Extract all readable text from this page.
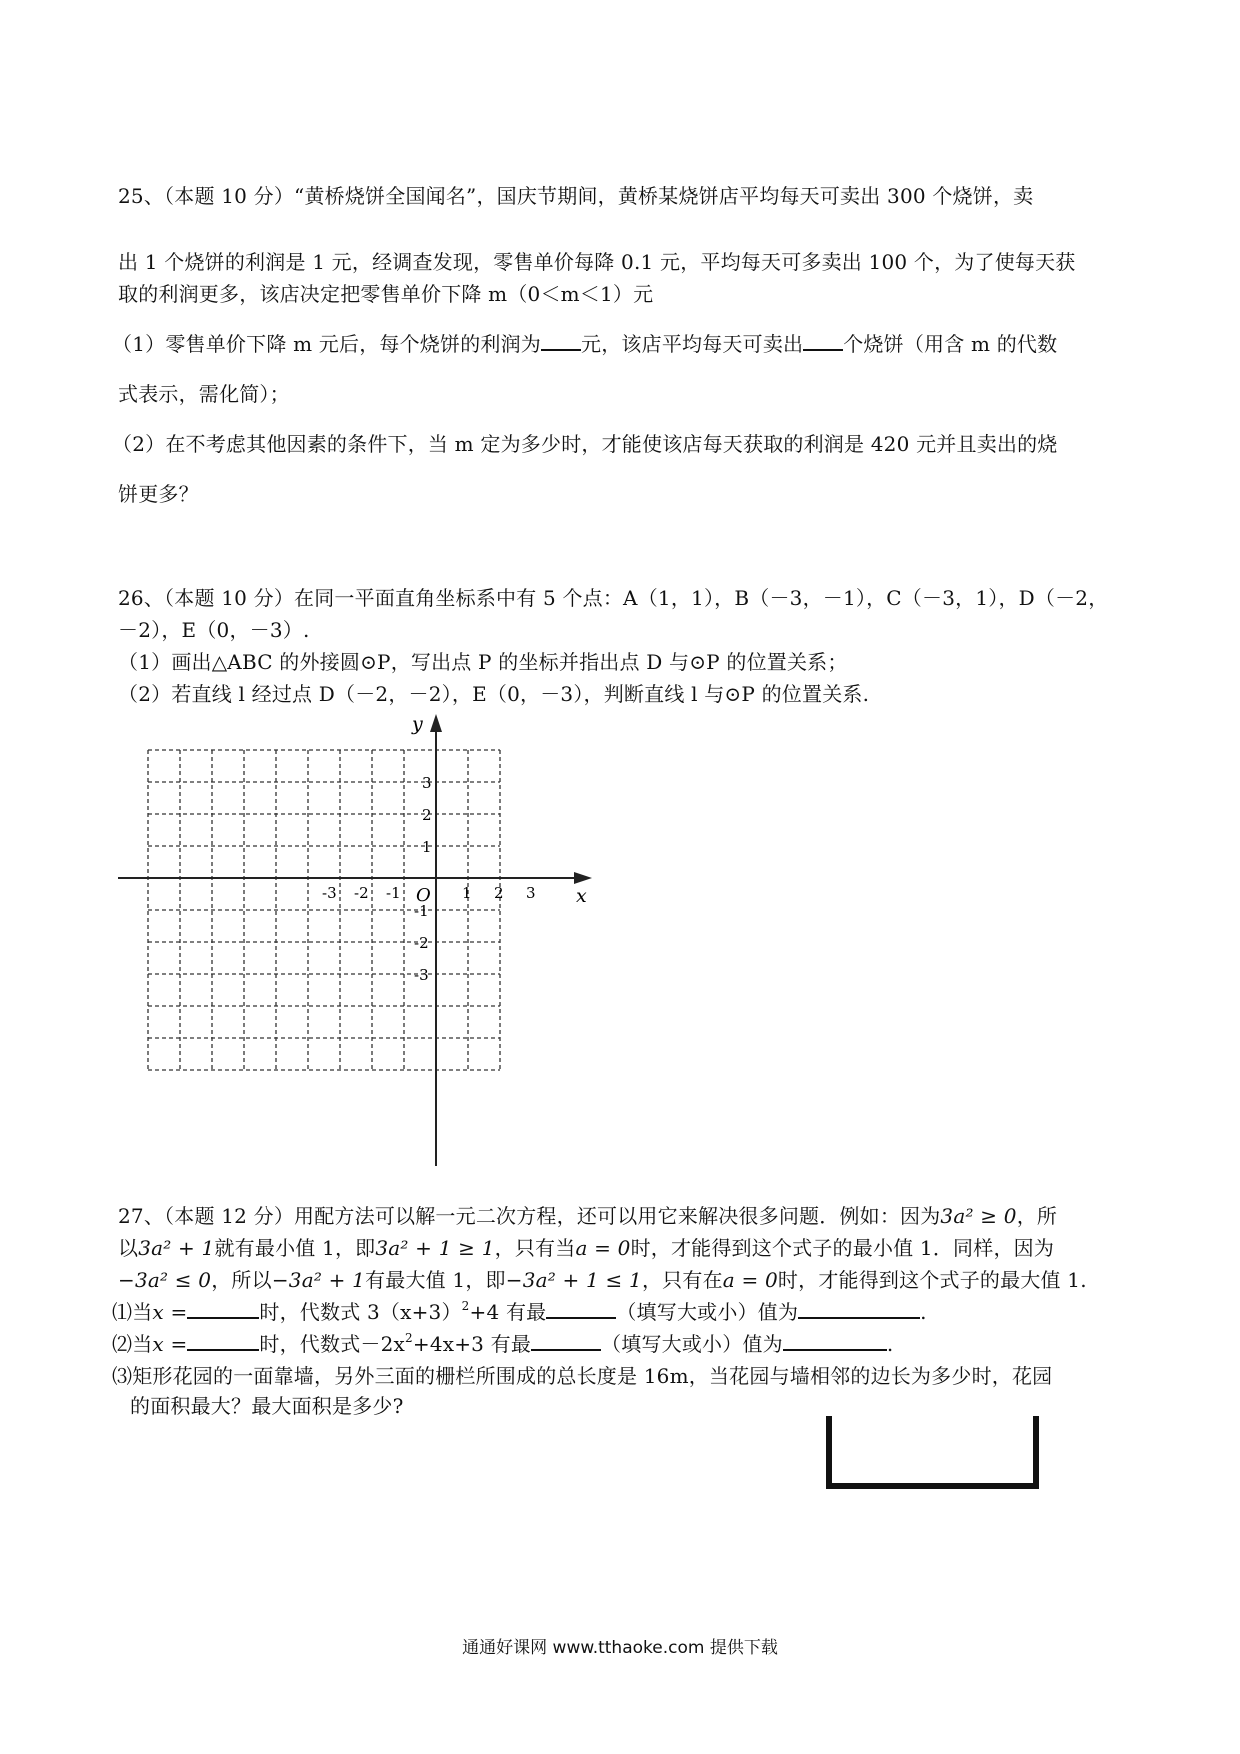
25、（本题 10 分）“黄桥烧饼全国闻名”，国庆节期间，黄桥某烧饼店平均每天可卖出 300 个烧饼，卖
出 1 个烧饼的利润是 1 元，经调查发现，零售单价每降 0.1 元，平均每天可多卖出 100 个，为了使每天获
取的利润更多，该店决定把零售单价下降 m（0＜m＜1）元
（1）零售单价下降 m 元后，每个烧饼的利润为 元，该店平均每天可卖出 个烧饼（用含 m 的代数
式表示，需化简）；
（2）在不考虑其他因素的条件下，当 m 定为多少时，才能使该店每天获取的利润是 420 元并且卖出的烧
饼更多？
26、（本题 10 分）在同一平面直角坐标系中有 5 个点：A（1，1），B（－3，－1），C（－3，1），D（－2，
－2），E（0，－3）.
（1）画出△ABC 的外接圆⊙P，写出点 P 的坐标并指出点 D 与⊙P 的位置关系；
（2）若直线 l 经过点 D（－2，－2），E（0，－3），判断直线 l 与⊙P 的位置关系.
x
y
O
-3 -2 -1	1 2 3
3
2
1
-1
-2
-3
27、（本题 12 分）用配方法可以解一元二次方程，还可以用它来解决很多问题．例如：因为3a² ≥ 0，所
以3a² + 1就有最小值 1，即3a² + 1 ≥ 1，只有当a = 0时，才能得到这个式子的最小值 1．同样，因为
−3a² ≤ 0，所以−3a² + 1有最大值 1，即−3a² + 1 ≤ 1，只有在a = 0时，才能得到这个式子的最大值 1.
⑴当x =	时，代数式 $3(x+3)^2+4$ 有最	（填写大或小）值为	.
⑵当x =	时，代数式$-2x^2+4x+3$ 有最	（填写大或小）值为	.
⑶矩形花园的一面靠墙，另外三面的栅栏所围成的总长度是 16m，当花园与墙相邻的边长为多少时，花园
的面积最大？最大面积是多少?
通通好课网 www.tthaoke.com 提供下载
